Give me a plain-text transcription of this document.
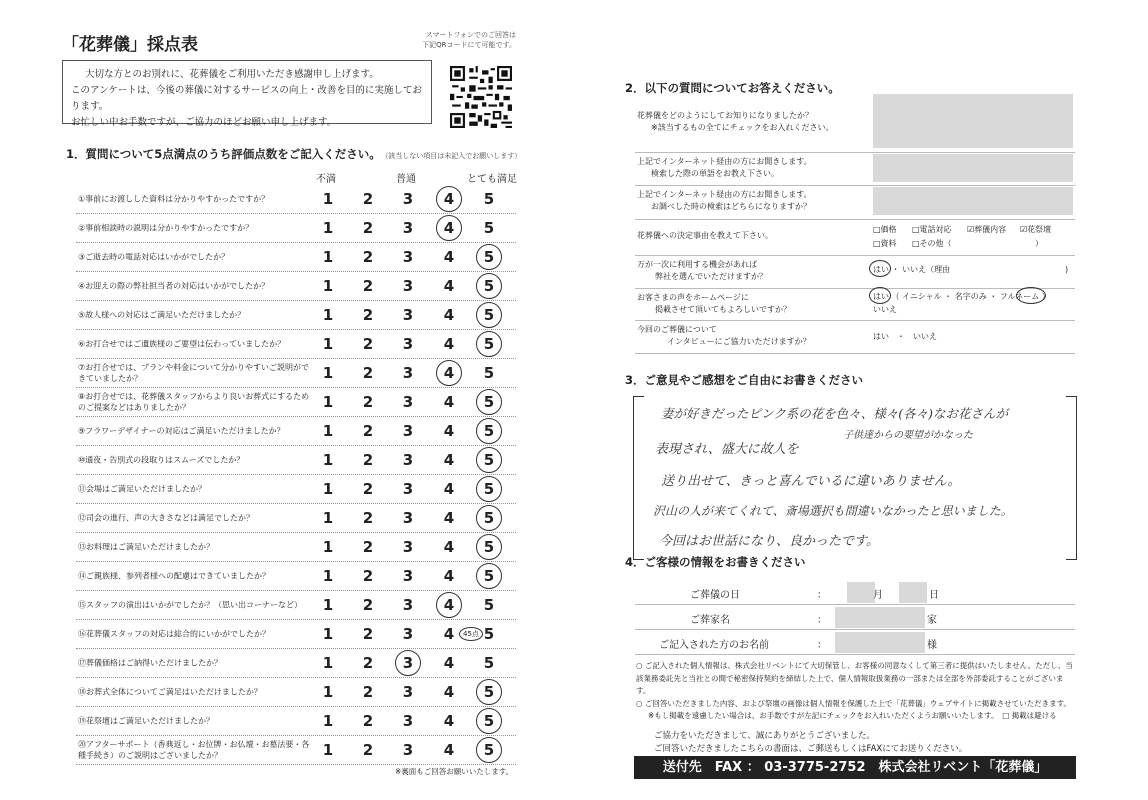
「花葬儀」採点表	スマートフォンでのご回答は
下記QRコードにて可能です。
大切な方とのお別れに、花葬儀をご利用いただき感謝申し上げます。
このアンケートは、今後の葬儀に対するサービスの向上・改善を目的に実施しております。
お忙しい中お手数ですが、ご協力のほどお願い申し上げます。
1．質問について5点満点のうち評価点数をご記入ください。 （該当しない項目は未記入でお願いします）
不満	普通	とても満足
①事前にお渡しした資料は分かりやすかったですか？	1	2	3	4	5
②事前相談時の説明は分かりやすかったですか？	1	2	3	4	5
③ご逝去時の電話対応はいかがでしたか？	1	2	3	4	5
④お迎えの際の弊社担当者の対応はいかがでしたか？	1	2	3	4	5
⑤故人様への対応はご満足いただけましたか？	1	2	3	4	5
⑥お打合せではご遺族様のご要望は伝わっていましたか？	1	2	3	4	5
⑦お打合せでは、プランや料金について分かりやすいご説明ができていましたか？	1	2	3	4	5
⑧お打合せでは、花葬儀スタッフからより良いお葬式にするためのご提案などはありましたか？	1	2	3	4	5
⑨フラワーデザイナーの対応はご満足いただけましたか？	1	2	3	4	5
⑩通夜・告別式の段取りはスムーズでしたか？	1	2	3	4	5
⑪会場はご満足いただけましたか？	1	2	3	4	5
⑫司会の進行、声の大きさなどは満足でしたか？	1	2	3	4	5
⑬お料理はご満足いただけましたか？	1	2	3	4	5
⑭ご親族様、参列者様への配慮はできていましたか？	1	2	3	4	5
⑮スタッフの演出はいかがでしたか？（思い出コーナーなど）	1	2	3	4	5
⑯花葬儀スタッフの対応は総合的にいかがでしたか？	1	2	3	4	5
45点
⑰葬儀価格はご納得いただけましたか？	1	2	3	4	5
⑱お葬式全体についてご満足はいただけましたか？	1	2	3	4	5
⑲花祭壇はご満足いただけましたか？	1	2	3	4	5
⑳アフターサポート（香典返し・お位牌・お仏壇・お墓法要・各種手続き）のご説明はございましたか？	1	2	3	4	5
※裏面もご回答お願いいたします。
2．以下の質問についてお答えください。
花葬儀をどのようにしてお知りになりましたか？
※該当するもの全てにチェックをお入れください。
上記でインターネット経由の方にお聞きします。
検索した際の単語をお教え下さい。
上記でインターネット経由の方にお聞きします。
お調べした時の検索はどちらになりますか？
花葬儀への決定事由を教えて下さい。
□価格 □電話対応 ☑葬儀内容 ☑花祭壇
□資料 □その他（	）
万が一次に利用する機会があれば
弊社を選んでいただけますか？
はい ・ いいえ（理由	)
お客さまの声をホームページに
掲載させて頂いてもよろしいですか？
はい （ イニシャル ・ 名字のみ ・ フルネーム ）
いいえ
今回のご葬儀について
インタビューにご協力いただけますか？
はい　・　いいえ
3．ご意見やご感想をご自由にお書きください
妻が好きだったピンク系の花を色々、様々(各々)なお花さんが
子供達からの要望がかなった
表現され、盛大に故人を
送り出せて、きっと喜んでいるに違いありません。
沢山の人が来てくれて、斎場選択も間違いなかったと思いました。
今回はお世話になり、良かったです。
4．ご客様の情報をお書きください
ご葬儀の日	：	月	日
ご葬家名	：	家
ご記入された方のお名前	：	様
○ ご記入された個人情報は、株式会社リベントにて大切保管し、お客様の同意なくして第三者に提供はいたしません。ただし、当該業務委託先と当社との間で秘密保持契約を締結した上で、個人情報取扱業務の一部または全部を外部委託することがございます。
○ ご回答いただきました内容、および祭壇の画像は個人情報を保護した上で「花葬儀」ウェブサイトに掲載させていただきます。
※もし掲載を遠慮したい場合は、お手数ですが左記にチェックをお入れいただくようお願いいたします。　□ 掲載は避ける
ご協力をいただきまして、誠にありがとうございました。
ご回答いただきましたこちらの書面は、ご郵送もしくはFAXにてお送りください。
送付先　FAX ： 03-3775-2752　株式会社リベント「花葬儀」
